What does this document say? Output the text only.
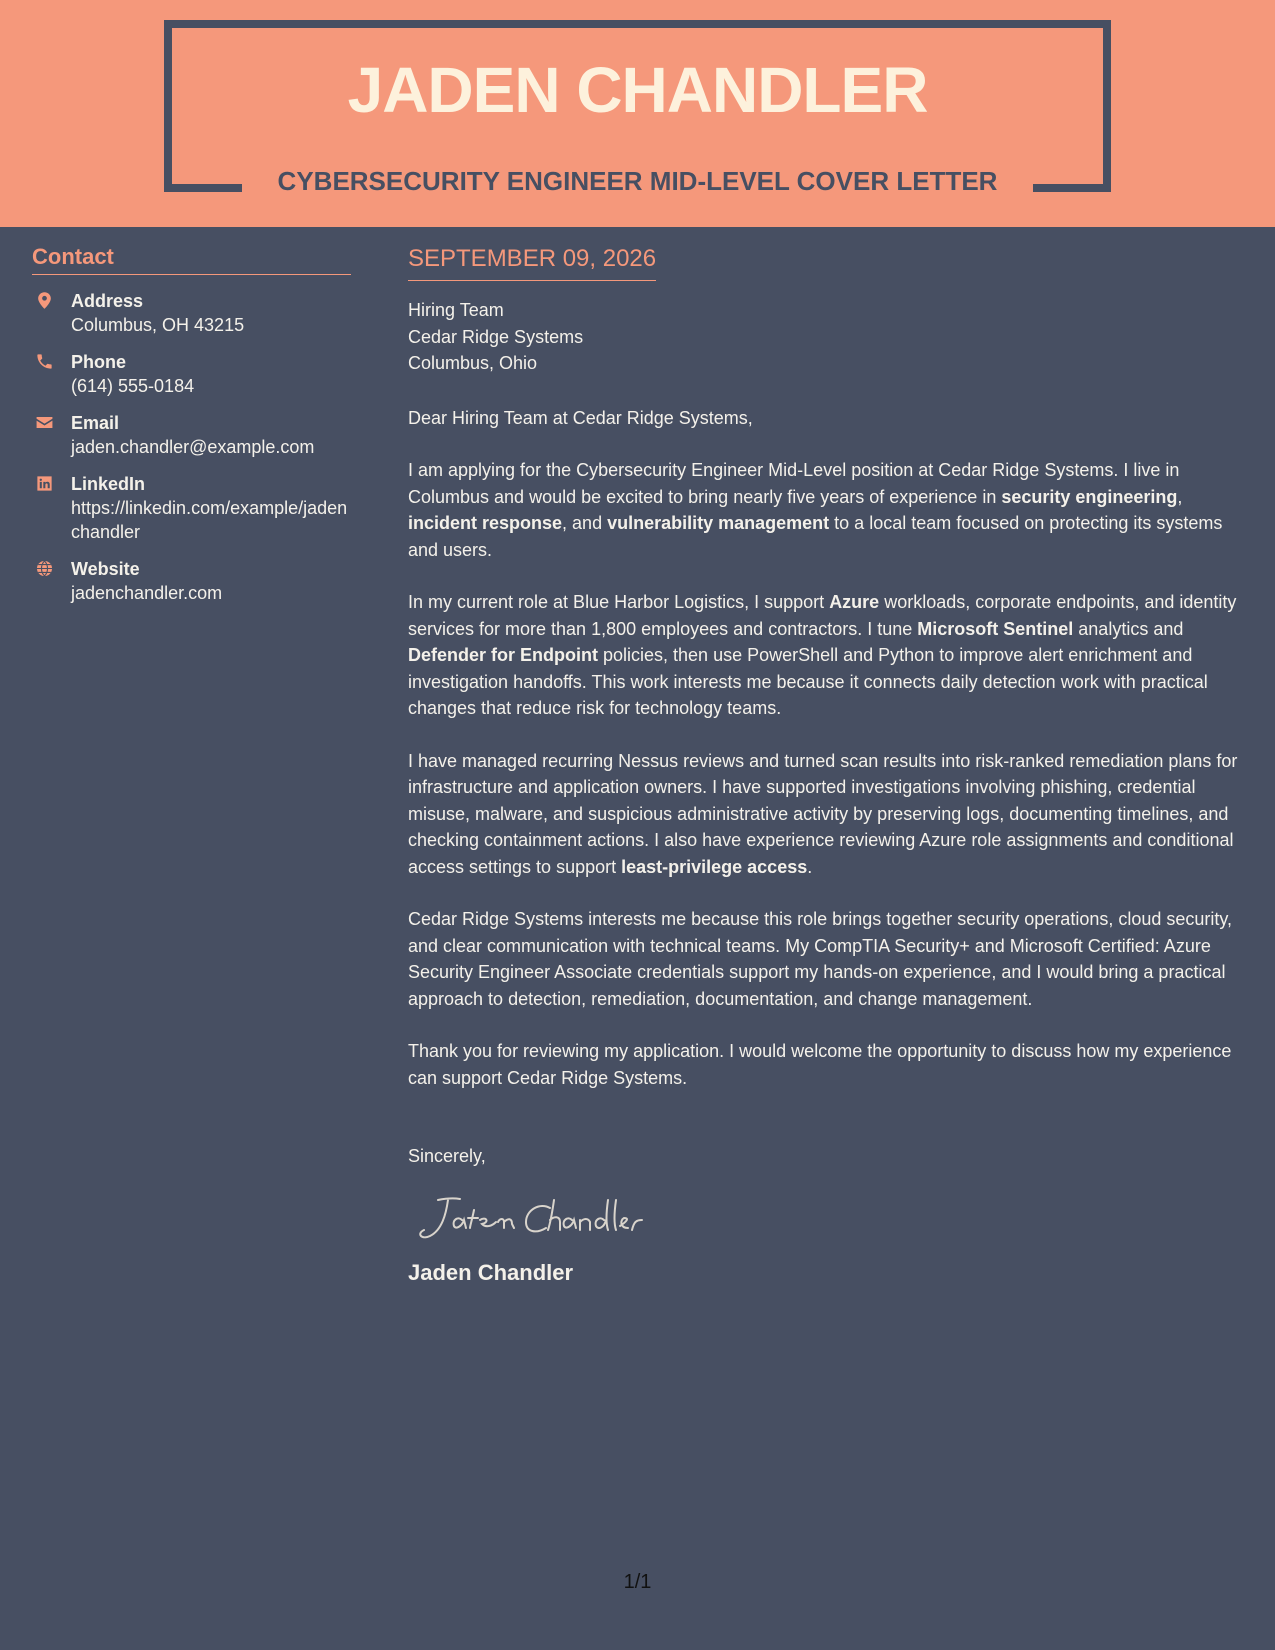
JADEN CHANDLER
CYBERSECURITY ENGINEER MID-LEVEL COVER LETTER
Contact
Address
Columbus, OH 43215
Phone
(614) 555-0184
Email
jaden.chandler@example.com
LinkedIn
https://linkedin.com/example/jadenchandler
Website
jadenchandler.com
SEPTEMBER 09, 2026
Hiring Team
Cedar Ridge Systems
Columbus, Ohio

Dear Hiring Team at Cedar Ridge Systems,

I am applying for the Cybersecurity Engineer Mid-Level position at Cedar Ridge Systems. I live in Columbus and would be excited to bring nearly five years of experience in security engineering, incident response, and vulnerability management to a local team focused on protecting its systems and users.

In my current role at Blue Harbor Logistics, I support Azure workloads, corporate endpoints, and identity services for more than 1,800 employees and contractors. I tune Microsoft Sentinel analytics and Defender for Endpoint policies, then use PowerShell and Python to improve alert enrichment and investigation handoffs. This work interests me because it connects daily detection work with practical changes that reduce risk for technology teams.

I have managed recurring Nessus reviews and turned scan results into risk-ranked remediation plans for infrastructure and application owners. I have supported investigations involving phishing, credential misuse, malware, and suspicious administrative activity by preserving logs, documenting timelines, and checking containment actions. I also have experience reviewing Azure role assignments and conditional access settings to support least-privilege access.

Cedar Ridge Systems interests me because this role brings together security operations, cloud security, and clear communication with technical teams. My CompTIA Security+ and Microsoft Certified: Azure Security Engineer Associate credentials support my hands-on experience, and I would bring a practical approach to detection, remediation, documentation, and change management.

Thank you for reviewing my application. I would welcome the opportunity to discuss how my experience can support Cedar Ridge Systems.

Sincerely,

Jaden Chandler
1/1
